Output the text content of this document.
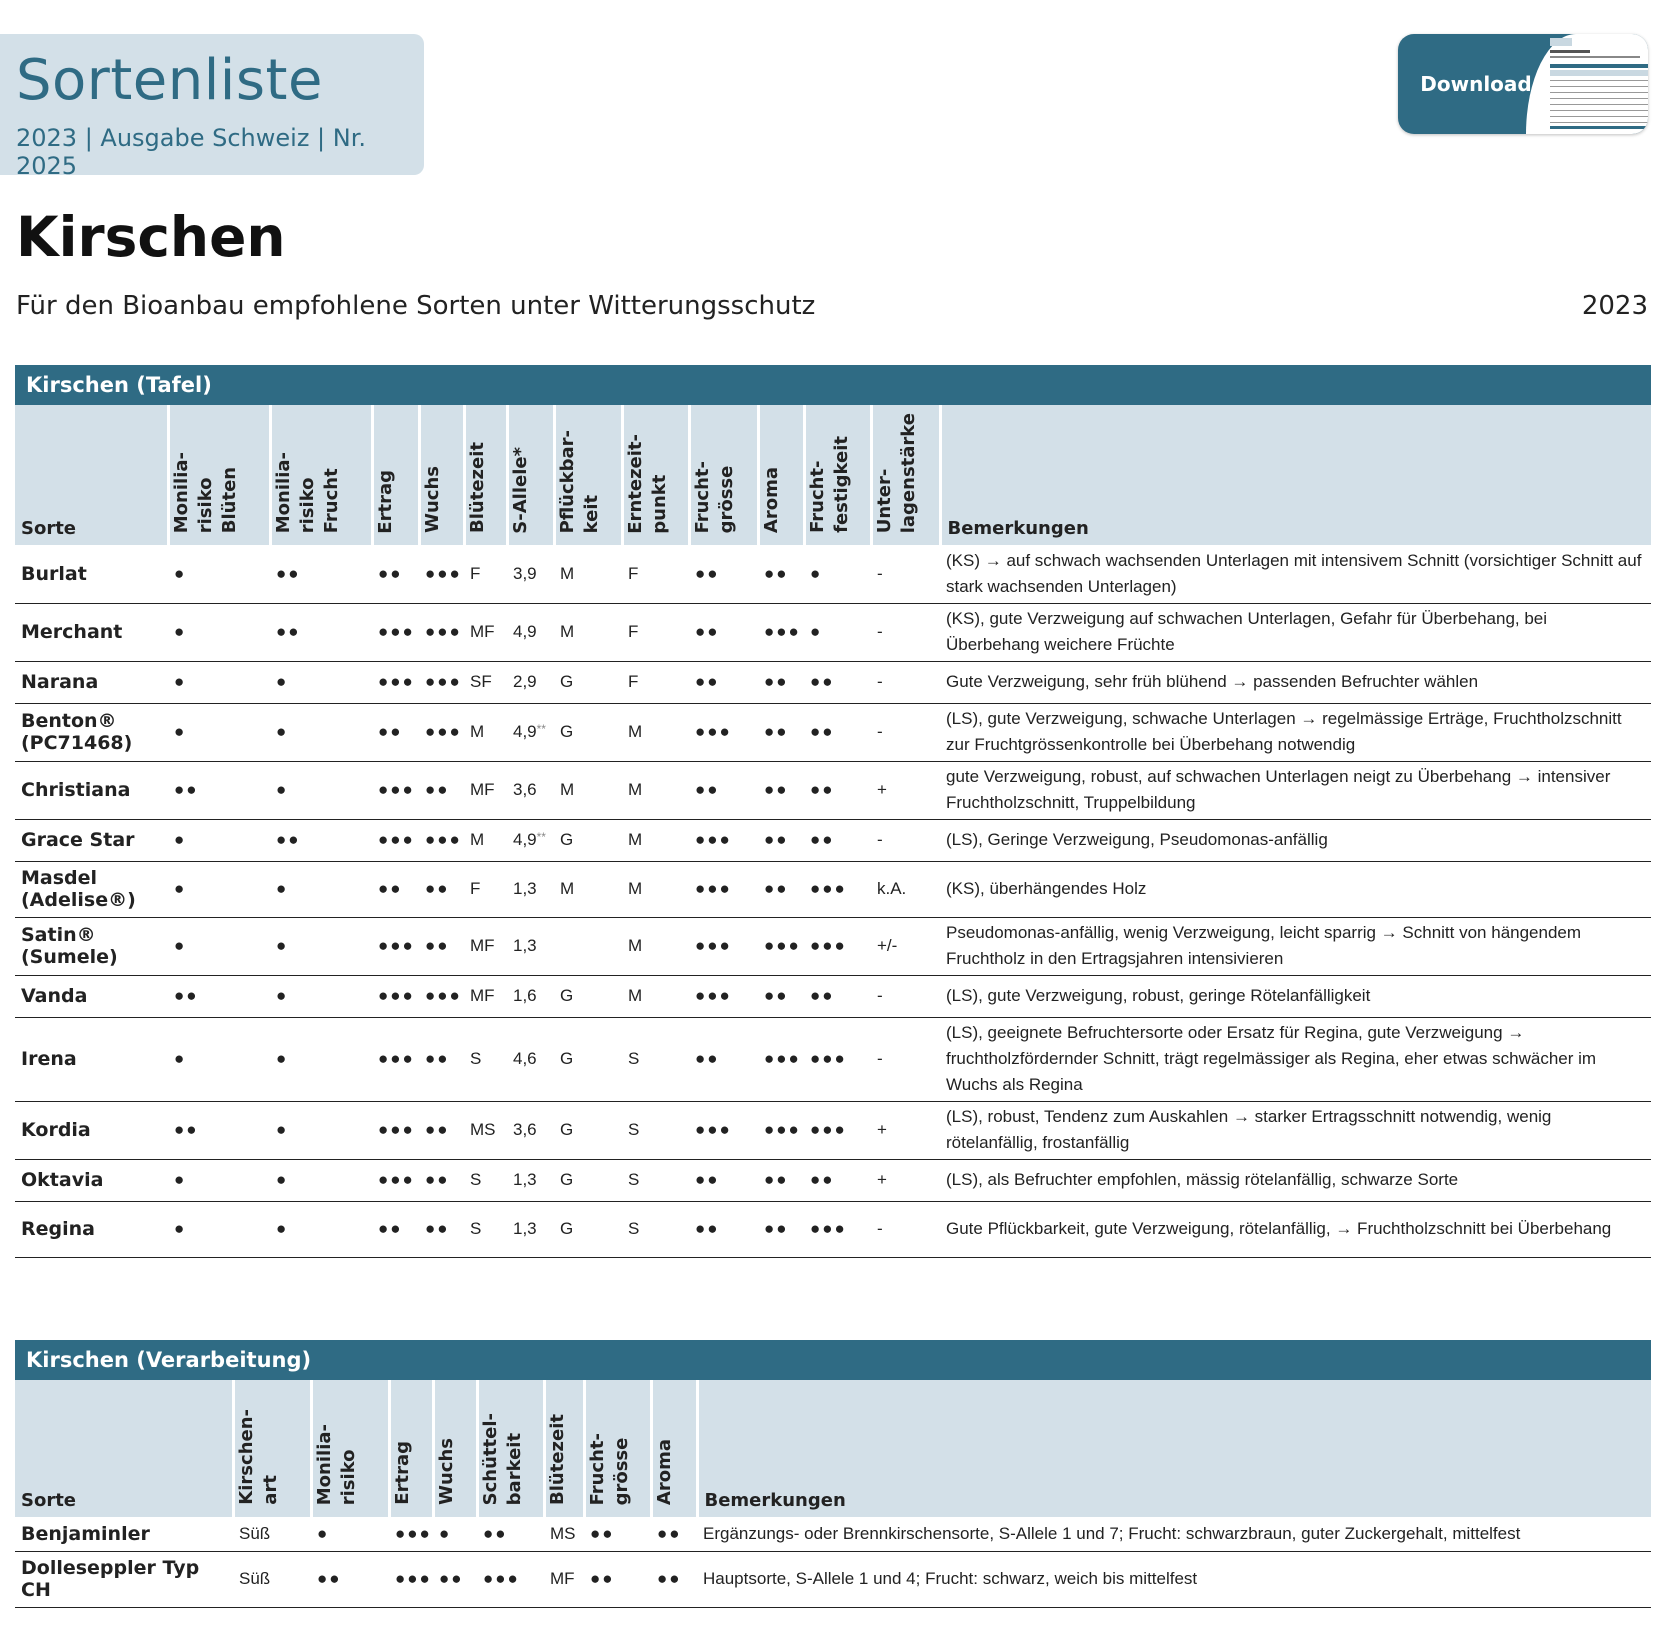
Sortenliste
2023 | Ausgabe Schweiz | Nr. 2025
Download
Kirschen
Für den Bioanbau empfohlene Sorten unter Witterungsschutz	2023
Kirschen (Tafel)
Sorte	Monilia- risiko Blüten	Monilia- risiko Frucht	Ertrag	Wuchs	Blütezeit	S-Allele*	Pflückbar- keit	Erntezeit- punkt	Frucht- grösse	Aroma	Frucht- festigkeit	Unter- lagenstärke	Bemerkungen
Burlat	●	●●	●●	●●●	F	3,9	M	F	●●	●●	●	-	(KS) → auf schwach wachsenden Unterlagen mit intensivem Schnitt (vorsichtiger Schnitt auf stark wachsenden Unterlagen)
Merchant	●	●●	●●●	●●●	MF	4,9	M	F	●●	●●●	●	-	(KS), gute Verzweigung auf schwachen Unterlagen, Gefahr für Überbehang, bei Überbehang weichere Früchte
Narana	●	●	●●●	●●●	SF	2,9	G	F	●●	●●	●●	-	Gute Verzweigung, sehr früh blühend → passenden Befruchter wählen
Benton® (PC71468)	●	●	●●	●●●	M	4,9**	G	M	●●●	●●	●●	-	(LS), gute Verzweigung, schwache Unterlagen → regelmässige Erträge, Fruchtholzschnitt zur Fruchtgrössenkontrolle bei Überbehang notwendig
Christiana	●●	●	●●●	●●	MF	3,6	M	M	●●	●●	●●	+	gute Verzweigung, robust, auf schwachen Unterlagen neigt zu Überbehang → intensiver Fruchtholzschnitt, Truppelbildung
Grace Star	●	●●	●●●	●●●	M	4,9**	G	M	●●●	●●	●●	-	(LS), Geringe Verzweigung, Pseudomonas-anfällig
Masdel (Adelise®)	●	●	●●	●●	F	1,3	M	M	●●●	●●	●●●	k.A.	(KS), überhängendes Holz
Satin® (Sumele)	●	●	●●●	●●	MF	1,3		M	●●●	●●●	●●●	+/-	Pseudomonas-anfällig, wenig Verzweigung, leicht sparrig → Schnitt von hängendem Fruchtholz in den Ertragsjahren intensivieren
Vanda	●●	●	●●●	●●●	MF	1,6	G	M	●●●	●●	●●	-	(LS), gute Verzweigung, robust, geringe Rötelanfälligkeit
Irena	●	●	●●●	●●	S	4,6	G	S	●●	●●●	●●●	-	(LS), geeignete Befruchtersorte oder Ersatz für Regina, gute Verzweigung → fruchtholzfördernder Schnitt, trägt regelmässiger als Regina, eher etwas schwächer im Wuchs als Regina
Kordia	●●	●	●●●	●●	MS	3,6	G	S	●●●	●●●	●●●	+	(LS), robust, Tendenz zum Auskahlen → starker Ertragsschnitt notwendig, wenig rötelanfällig, frostanfällig
Oktavia	●	●	●●●	●●	S	1,3	G	S	●●	●●	●●	+	(LS), als Befruchter empfohlen, mässig rötelanfällig, schwarze Sorte
Regina	●	●	●●	●●	S	1,3	G	S	●●	●●	●●●	-	Gute Pflückbarkeit, gute Verzweigung, rötelanfällig, → Fruchtholzschnitt bei Überbehang
Kirschen (Verarbeitung)
Sorte	Kirschen- art	Monilia- risiko	Ertrag	Wuchs	Schüttel- barkeit	Blütezeit	Frucht- grösse	Aroma	Bemerkungen
Benjaminler	Süß	●	●●●	●	●●	MS	●●	●●	Ergänzungs- oder Brennkirschensorte, S-Allele 1 und 7; Frucht: schwarzbraun, guter Zuckergehalt, mittelfest
Dolleseppler Typ CH	Süß	●●	●●●	●●	●●●	MF	●●	●●	Hauptsorte, S-Allele 1 und 4; Frucht: schwarz, weich bis mittelfest
